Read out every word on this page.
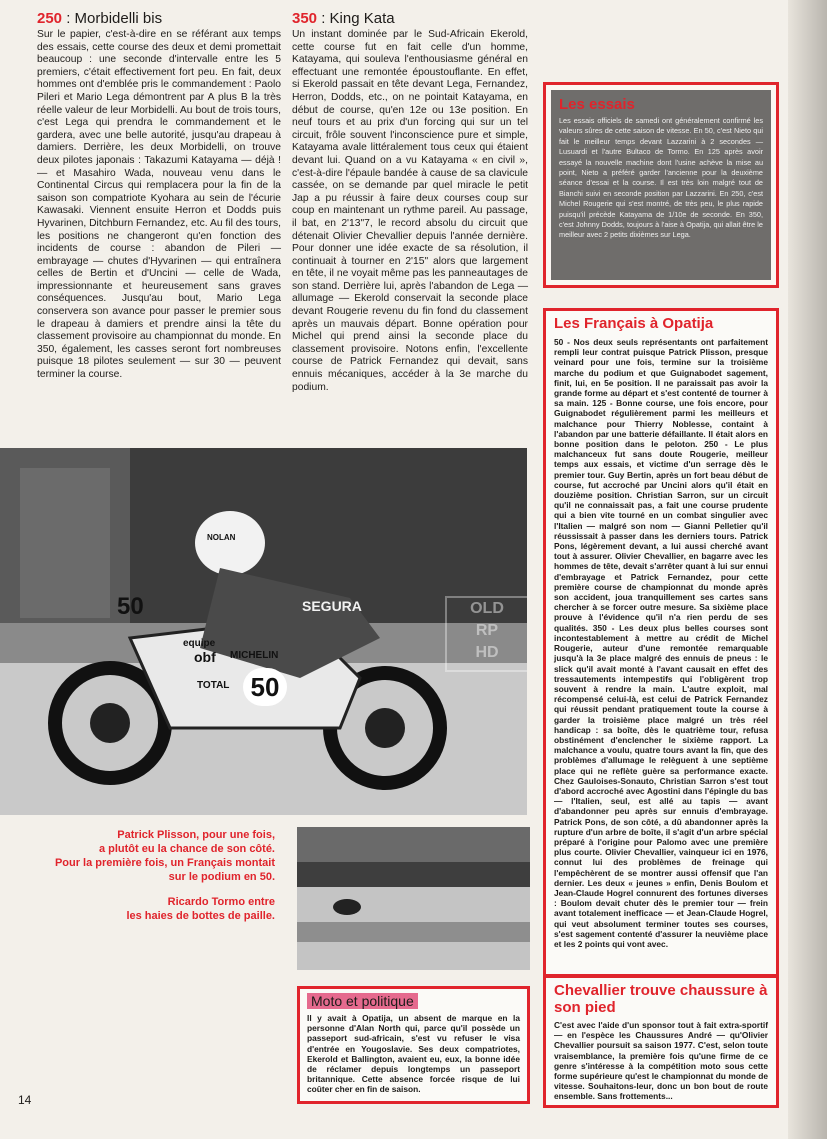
250 : Morbidelli bis

Sur le papier, c'est-à-dire en se référant aux temps des essais, cette course des deux et demi promettait beaucoup : une seconde d'intervalle entre les 5 premiers, c'était effectivement fort peu. En fait, deux hommes ont d'emblée pris le commandement : Paolo Pileri et Mario Lega démontrent par A plus B la très réelle valeur de leur Morbidelli. Au bout de trois tours, c'est Lega qui prendra le commandement et le gardera, avec une belle autorité, jusqu'au drapeau à damiers. Derrière, les deux Morbidelli, on trouve deux pilotes japonais : Takazumi Katayama — déjà ! — et Masahiro Wada, nouveau venu dans le Continental Circus qui remplacera pour la fin de la saison son compatriote Kyohara au sein de l'écurie Kawasaki. Viennent ensuite Herron et Dodds puis Hyvarinen, Ditchburn Fernandez, etc. Au fil des tours, les positions ne changeront qu'en fonction des incidents de course : abandon de Pileri — embrayage — chutes d'Hyvarinen — qui entraînera celles de Bertin et d'Uncini — celle de Wada, impressionnante et heureusement sans graves conséquences. Jusqu'au bout, Mario Lega conservera son avance pour passer le premier sous le drapeau à damiers et prendre ainsi la tête du classement provisoire au championnat du monde. En 350, également, les casses seront fort nombreuses puisque 18 pilotes seulement — sur 30 — peuvent terminer la course.

350 : King Kata

Un instant dominée par le Sud-Africain Ekerold, cette course fut en fait celle d'un homme, Katayama, qui souleva l'enthousiasme général en effectuant une remontée époustouflante. En effet, si Ekerold passait en tête devant Lega, Fernandez, Herron, Dodds, etc., on ne pointait Katayama, en début de course, qu'en 12e ou 13e position. En neuf tours et au prix d'un forcing qui sur un tel circuit, frôle souvent l'inconscience pure et simple, Katayama avale littéralement tous ceux qui étaient devant lui. Quand on a vu Katayama « en civil », c'est-à-dire l'épaule bandée à cause de sa clavicule cassée, on se demande par quel miracle le petit Jap a pu réussir à faire deux courses coup sur coup en maintenant un rythme pareil. Au passage, il bat, en 2'13"7, le record absolu du circuit que détenait Olivier Chevallier depuis l'année dernière. Pour donner une idée exacte de sa résolution, il continuait à tourner en 2'15" alors que largement en tête, il ne voyait même pas les panneautages de son stand. Derrière lui, après l'abandon de Lega — allumage — Ekerold conservait la seconde place devant Rougerie revenu du fin fond du classement après un mauvais départ. Bonne opération pour Michel qui prend ainsi la seconde place du classement provisoire. Notons enfin, l'excellente course de Patrick Fernandez qui devait, sans ennuis mécaniques, accéder à la 3e marche du podium.

Les essais

Les essais officiels de samedi ont généralement confirmé les valeurs sûres de cette saison de vitesse. En 50, c'est Nieto qui fait le meilleur temps devant Lazzarini à 2 secondes — Lusuardi et l'autre Bultaco de Tormo. En 125 après avoir essayé la nouvelle machine dont l'usine achève la mise au point, Nieto a préféré garder l'ancienne pour la deuxième séance d'essai et la course. Il est très loin malgré tout de Bianchi suivi en seconde position par Lazzarini. En 250, c'est Michel Rougerie qui s'est montré, de très peu, le plus rapide puisqu'il précède Katayama de 1/10e de seconde. En 350, c'est Johnny Dodds, toujours à l'aise à Opatija, qui allait être le meilleur avec 2 petits dixièmes sur Lega.

Les Français à Opatija

50 - Nos deux seuls représentants ont parfaitement rempli leur contrat puisque Patrick Plisson, presque veinard pour une fois, termine sur la troisième marche du podium et que Guignabodet sagement, finit, lui, en 5e position. Il ne paraissait pas avoir la grande forme au départ et s'est contenté de tourner à sa main. 125 - Bonne course, une fois encore, pour Guignabodet régulièrement parmi les meilleurs et malchance pour Thierry Noblesse, containt à l'abandon par une batterie défaillante. Il était alors en bonne position dans le peloton. 250 - Le plus malchanceux fut sans doute Rougerie, meilleur temps aux essais, et victime d'un serrage dès le premier tour. Guy Bertin, après un fort beau début de course, fut accroché par Uncini alors qu'il était en douzième position. Christian Sarron, sur un circuit qu'il ne connaissait pas, a fait une course prudente qui a bien vite tourné en un combat singulier avec l'Italien — malgré son nom — Gianni Pelletier qu'il réussissait à passer dans les derniers tours. Patrick Pons, légèrement devant, a lui aussi cherché avant tout à assurer. Olivier Chevallier, en bagarre avec les hommes de tête, devait s'arrêter quant à lui sur ennui d'embrayage et Patrick Fernandez, pour cette première course de championnat du monde après son accident, joua tranquillement ses cartes sans chercher à se forcer outre mesure. Sa sixième place prouve à l'évidence qu'il n'a rien perdu de ses qualités. 350 - Les deux plus belles courses sont incontestablement à mettre au crédit de Michel Rougerie, auteur d'une remontée remarquable jusqu'à la 3e place malgré des ennuis de pneus : le slick qu'il avait monté à l'avant causait en effet des tressautements intempestifs qui l'obligèrent trop souvent à rendre la main. L'autre exploit, mal récompensé celui-là, est celui de Patrick Fernandez qui réussit pendant pratiquement toute la course à garder la troisième place malgré un très réel handicap : sa boîte, dès le quatrième tour, refusa obstinément d'enclencher le sixième rapport. La malchance a voulu, quatre tours avant la fin, que des problèmes d'allumage le relèguent à une septième place qui ne reflète guère sa performance exacte. Chez Gauloises-Sonauto, Christian Sarron s'est tout d'abord accroché avec Agostini dans l'épingle du bas — l'Italien, seul, est allé au tapis — avant d'abandonner peu après sur ennuis d'embrayage. Patrick Pons, de son côté, a dû abandonner après la rupture d'un arbre de boîte, il s'agit d'un arbre spécial préparé à l'origine pour Palomo avec une première plus courte. Olivier Chevallier, vainqueur ici en 1976, connut lui des problèmes de freinage qui l'empêchèrent de se montrer aussi offensif que l'an dernier. Les deux « jeunes » enfin, Denis Boulom et Jean-Claude Hogrel connurent des fortunes diverses : Boulom devait chuter dès le premier tour — frein avant totalement inefficace — et Jean-Claude Hogrel, qui veut absolument terminer toutes ses courses, s'est sagement contenté d'assurer la neuvième place et les 2 points qui vont avec.

Chevallier trouve chaussure à son pied

C'est avec l'aide d'un sponsor tout à fait extra-sportif — en l'espèce les Chaussures André — qu'Olivier Chevallier poursuit sa saison 1977. C'est, selon toute vraisemblance, la première fois qu'une firme de ce genre s'intéresse à la compétition moto sous cette forme supérieure qu'est le championnat du monde de vitesse. Souhaitons-leur, donc un bon bout de route ensemble. Sans frottements...

50
50
equipe
obf MICHELIN
TOTAL
SEGURA
NOLAN
OLD
RP
HD
Patrick Plisson, pour une fois,
a plutôt eu la chance de son côté.
Pour la première fois, un Français montait
sur le podium en 50.
Ricardo Tormo entre
les haies de bottes de paille.
Moto et politique

Il y avait à Opatija, un absent de marque en la personne d'Alan North qui, parce qu'il possède un passeport sud-africain, s'est vu refuser le visa d'entrée en Yougoslavie. Ses deux compatriotes, Ekerold et Ballington, avaient eu, eux, la bonne idée de réclamer depuis longtemps un passeport britannique. Cette absence forcée risque de lui coûter cher en fin de saison.

14
